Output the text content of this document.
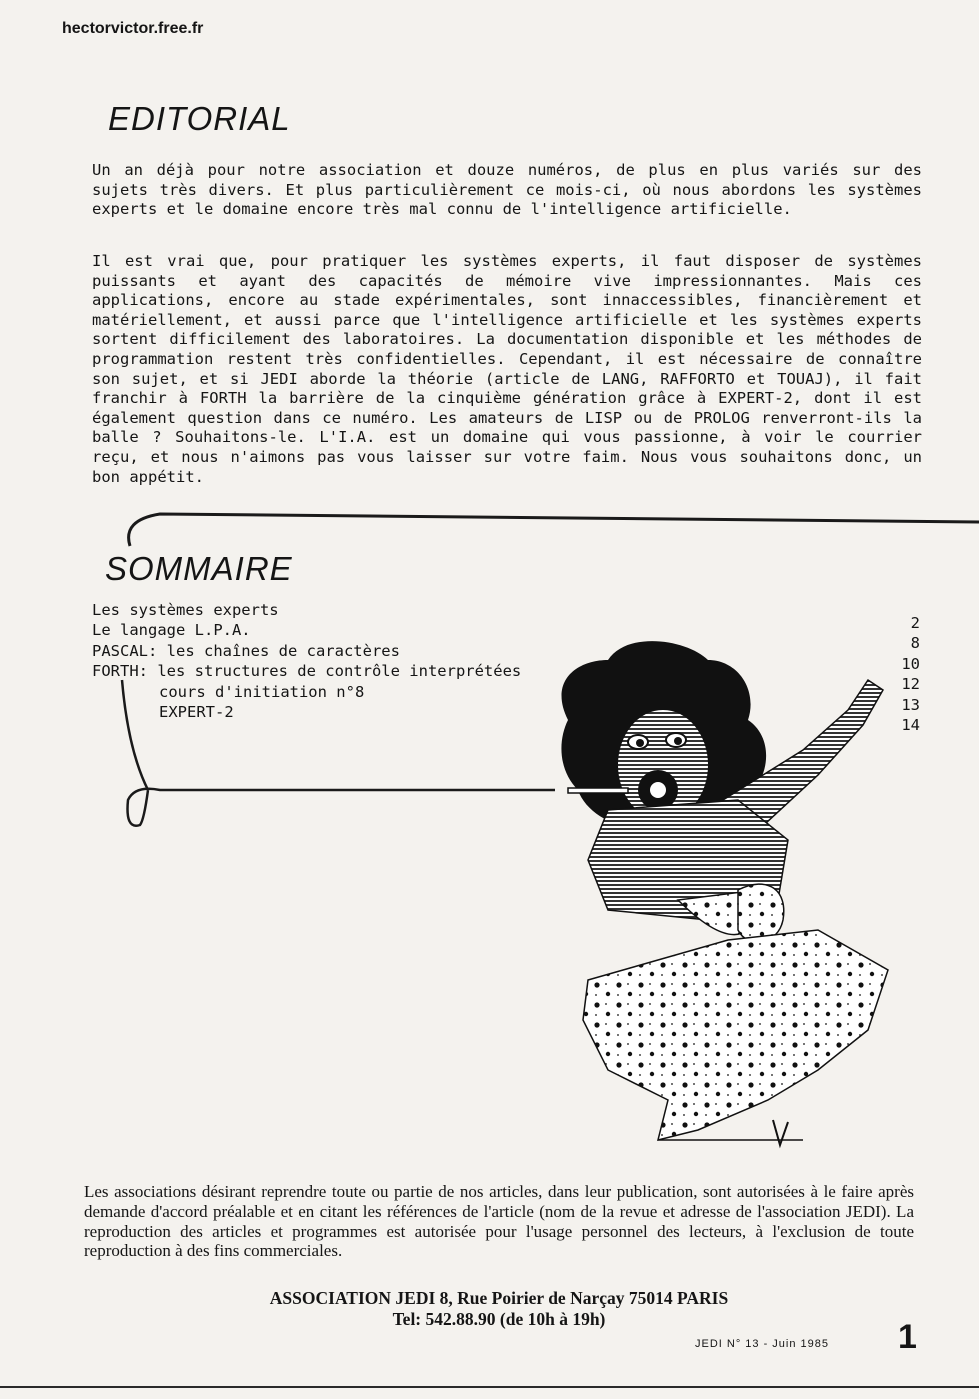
hectorvictor.free.fr
EDITORIAL
Un an déjà pour notre association et douze numéros, de plus en plus variés sur des sujets très divers. Et plus particulièrement ce mois-ci, où nous abordons les systèmes experts et le domaine encore très mal connu de l'intelligence artificielle.
Il est vrai que, pour pratiquer les systèmes experts, il faut disposer de systèmes puissants et ayant des capacités de mémoire vive impressionnantes. Mais ces applications, encore au stade expérimentales, sont innaccessibles, financièrement et matériellement, et aussi parce que l'intelligence artificielle et les systèmes experts sortent difficilement des laboratoires. La documentation disponible et les méthodes de programmation restent très confidentielles. Cependant, il est nécessaire de connaître son sujet, et si JEDI aborde la théorie (article de LANG, RAFFORTO et TOUAJ), il fait franchir à FORTH la barrière de la cinquième génération grâce à EXPERT-2, dont il est également question dans ce numéro. Les amateurs de LISP ou de PROLOG renverront-ils la balle ? Souhaitons-le. L'I.A. est un domaine qui vous passionne, à voir le courrier reçu, et nous n'aimons pas vous laisser sur votre faim. Nous vous souhaitons donc, un bon appétit.
SOMMAIRE
Les systèmes experts
Le langage L.P.A.
PASCAL: les chaînes de caractères
FORTH: les structures de contrôle interprétées
cours d'initiation n°8
EXPERT-2
2
8
10
12
13
14
Les associations désirant reprendre toute ou partie de nos articles, dans leur publication, sont autorisées à le faire après demande d'accord préalable et en citant les références de l'article (nom de la revue et adresse de l'association JEDI). La reproduction des articles et programmes est autorisée pour l'usage personnel des lecteurs, à l'exclusion de toute reproduction à des fins commerciales.
ASSOCIATION JEDI 8, Rue Poirier de Narçay 75014 PARIS
Tel: 542.88.90 (de 10h à 19h)
JEDI N° 13 - Juin 1985 1
